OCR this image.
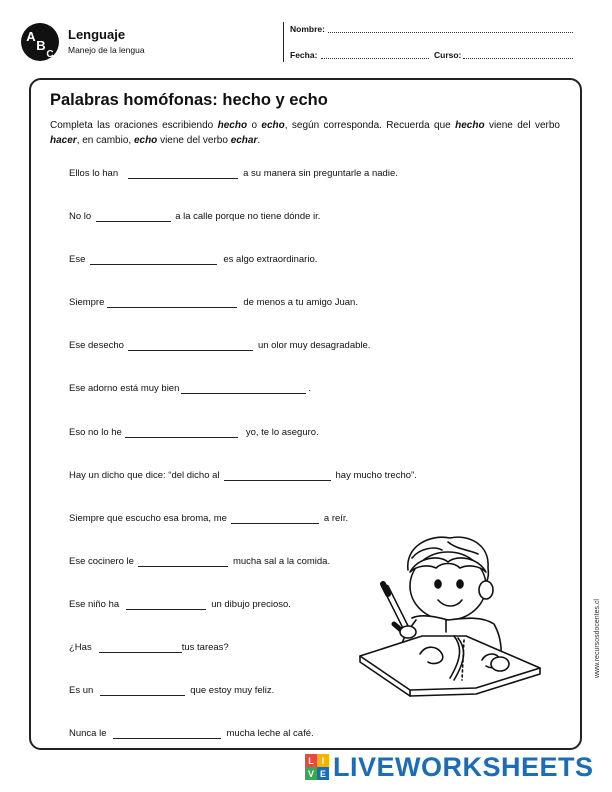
A
B
C
Lenguaje
Manejo de la lengua
Nombre:
Fecha:	Curso:
Palabras homófonas: hecho y echo
Completa las oraciones escribiendo hecho o echo, según corresponda. Recuerda que hecho viene del verbo hacer, en cambio, echo viene del verbo echar.
Ellos lo han	a su manera sin preguntarle a nadie.
No lo	a la calle porque no tiene dónde ir.
Ese	es algo extraordinario.
Siempre	de menos a tu amigo Juan.
Ese desecho	un olor muy desagradable.
Ese adorno está muy bien	.
Eso no lo he	yo, te lo aseguro.
Hay un dicho que dice: “del dicho al	hay mucho trecho”.
Siempre que escucho esa broma, me	a reír.
Ese cocinero le	mucha sal a la comida.
Ese niño ha	un dibujo precioso.
¿Has	tus tareas?
Es un	que estoy muy feliz.
Nunca le	mucha leche al café.
www.recursosdocentes.cl
L I
V E LIVEWORKSHEETS
